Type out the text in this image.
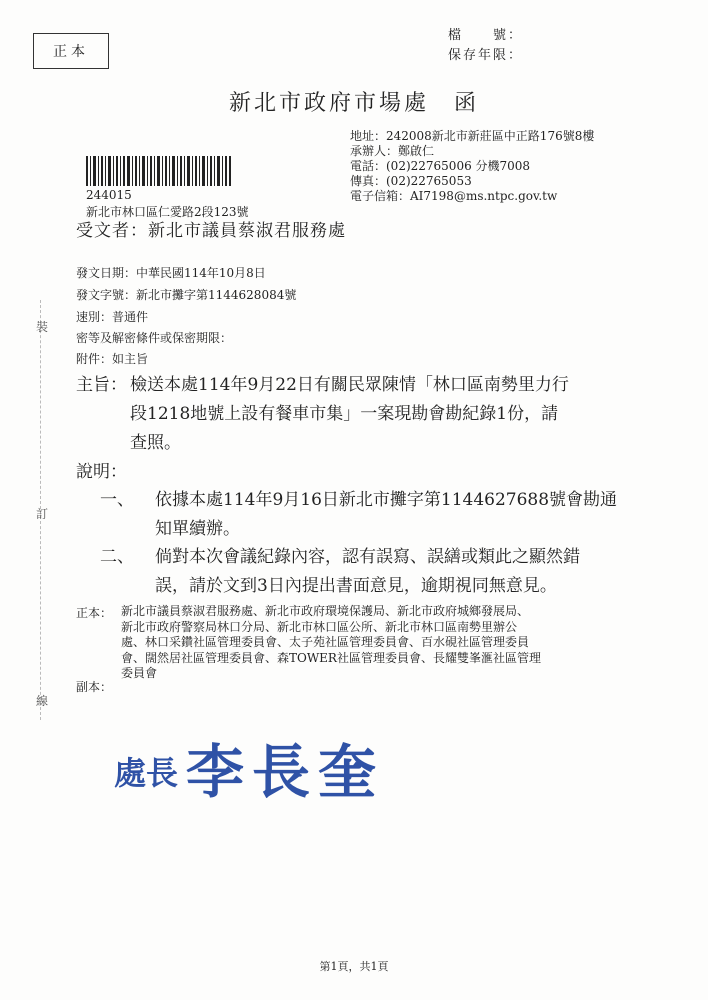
正本
檔　　號：
保存年限：
新北市政府市場處　函
地址：242008新北市新莊區中正路176號8樓
承辦人：鄭啟仁
電話：(02)22765006 分機7008
傳真：(02)22765053
電子信箱：AI7198@ms.ntpc.gov.tw
244015
新北市林口區仁愛路2段123號
受文者：新北市議員蔡淑君服務處
發文日期：中華民國114年10月8日
發文字號：新北市攤字第1144628084號
速別：普通件
密等及解密條件或保密期限：
附件：如主旨
主旨： 檢送本處114年9月22日有關民眾陳情「林口區南勢里力行
段1218地號上設有餐車市集」一案現勘會勘紀錄1份，請
查照。
說明：
一、 依據本處114年9月16日新北市攤字第1144627688號會勘通
知單續辦。
二、 倘對本次會議紀錄內容，認有誤寫、誤繕或類此之顯然錯
誤，請於文到3日內提出書面意見，逾期視同無意見。
正本： 新北市議員蔡淑君服務處、新北市政府環境保護局、新北市政府城鄉發展局、
新北市政府警察局林口分局、新北市林口區公所、新北市林口區南勢里辦公
處、林口采鑽社區管理委員會、太子苑社區管理委員會、百水硯社區管理委員
會、闊然居社區管理委員會、森TOWER社區管理委員會、長耀雙峯滙社區管理
委員會
副本：
裝
訂
線
處長 李長奎
第1頁，共1頁
